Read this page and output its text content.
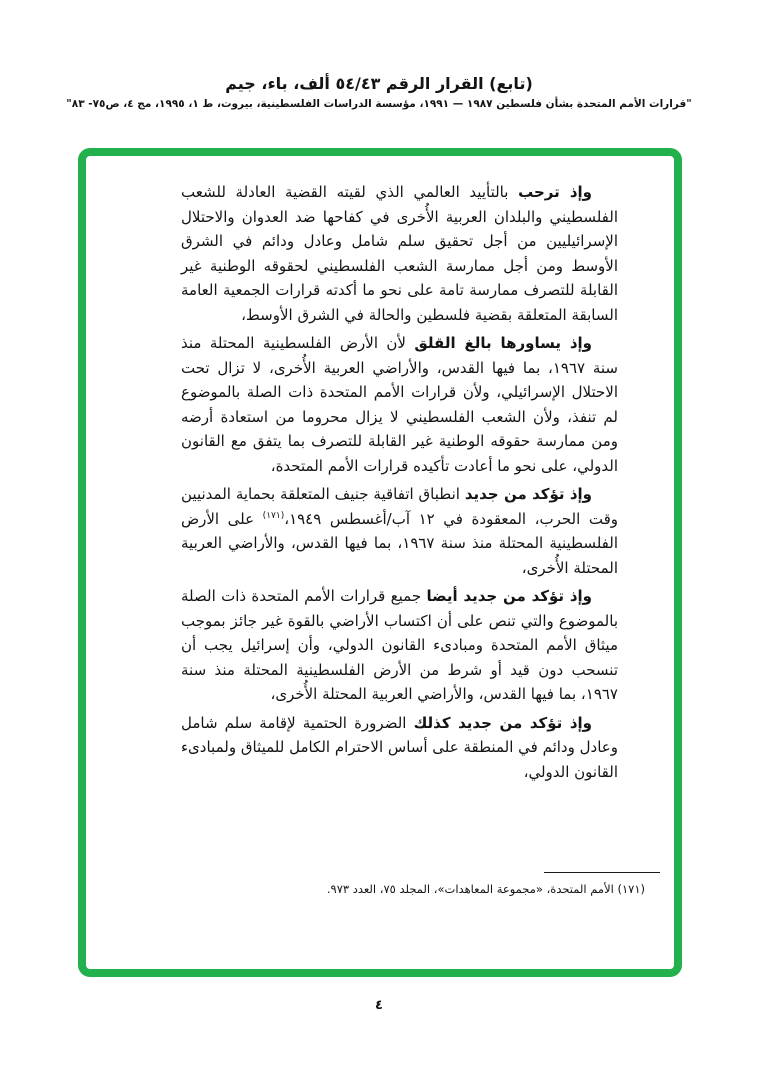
(تابع) القرار الرقم ٥٤/٤٣ ألف، باء، جيم
"قرارات الأمم المتحدة بشأن فلسطين ١٩٨٧ — ١٩٩١، مؤسسة الدراسات الفلسطينية، بيروت، ط ١، ١٩٩٥، مج ٤، ص٧٥- ٨٣"

وإذ ترحب بالتأييد العالمي الذي لقيته القضية العادلة للشعب الفلسطيني والبلدان العربية الأُخرى في كفاحها ضد العدوان والاحتلال الإسرائيليين من أجل تحقيق سلم شامل وعادل ودائم في الشرق الأوسط ومن أجل ممارسة الشعب الفلسطيني لحقوقه الوطنية غير القابلة للتصرف ممارسة تامة على نحو ما أكدته قرارات الجمعية العامة السابقة المتعلقة بقضية فلسطين والحالة في الشرق الأوسط،

وإذ يساورها بالغ القلق لأن الأرض الفلسطينية المحتلة منذ سنة ١٩٦٧، بما فيها القدس، والأراضي العربية الأُخرى، لا تزال تحت الاحتلال الإسرائيلي، ولأن قرارات الأمم المتحدة ذات الصلة بالموضوع لم تنفذ، ولأن الشعب الفلسطيني لا يزال محروما من استعادة أرضه ومن ممارسة حقوقه الوطنية غير القابلة للتصرف بما يتفق مع القانون الدولي، على نحو ما أعادت تأكيده قرارات الأمم المتحدة،

وإذ تؤكد من جديد انطباق اتفاقية جنيف المتعلقة بحماية المدنيين وقت الحرب، المعقودة في ١٢ آب/أغسطس ١٩٤٩،$^{(١٧١)}$ على الأرض الفلسطينية المحتلة منذ سنة ١٩٦٧، بما فيها القدس، والأراضي العربية المحتلة الأُخرى،

وإذ تؤكد من جديد أيضا جميع قرارات الأمم المتحدة ذات الصلة بالموضوع والتي تنص على أن اكتساب الأراضي بالقوة غير جائز بموجب ميثاق الأمم المتحدة ومبادىء القانون الدولي، وأن إسرائيل يجب أن تنسحب دون قيد أو شرط من الأرض الفلسطينية المحتلة منذ سنة ١٩٦٧، بما فيها القدس، والأراضي العربية المحتلة الأُخرى،

وإذ تؤكد من جديد كذلك الضرورة الحتمية لإقامة سلم شامل وعادل ودائم في المنطقة على أساس الاحترام الكامل للميثاق ولمبادىء القانون الدولي،

(١٧١) الأمم المتحدة، «مجموعة المعاهدات»، المجلد ٧٥، العدد ٩٧٣.
٤
